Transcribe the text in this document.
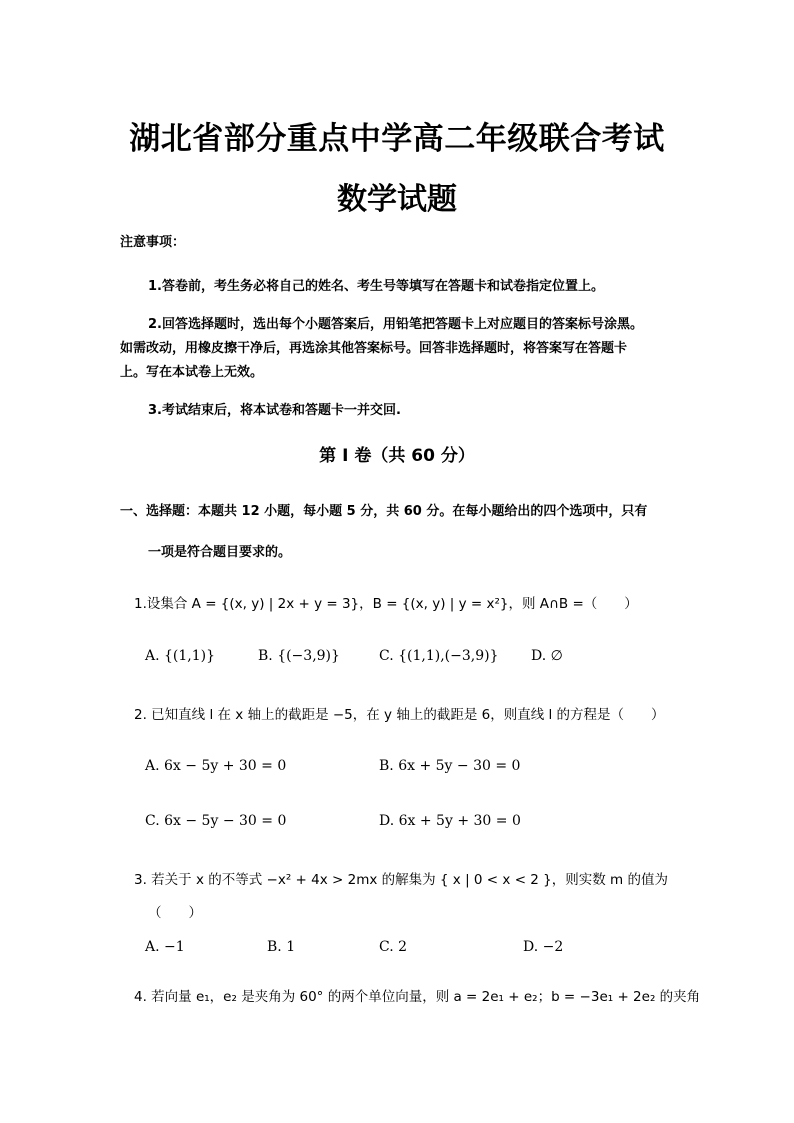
湖北省部分重点中学高二年级联合考试
数学试题
注意事项：
1.答卷前，考生务必将自己的姓名、考生号等填写在答题卡和试卷指定位置上。
2.回答选择题时，选出每个小题答案后，用铅笔把答题卡上对应题目的答案标号涂黑。
如需改动，用橡皮擦干净后，再选涂其他答案标号。回答非选择题时，将答案写在答题卡
上。写在本试卷上无效。
3.考试结束后，将本试卷和答题卡一并交回.
第 I 卷（共 60 分）
一、选择题：本题共 12 小题，每小题 5 分，共 60 分。在每小题给出的四个选项中，只有
一项是符合题目要求的。
1.设集合 A = {(x, y) | 2x + y = 3}，B = {(x, y) | y = x²}，则 A∩B =（　　）
A. {(1,1)}	B. {(−3,9)}	C. {(1,1),(−3,9)} D. ∅
2. 已知直线 l 在 x 轴上的截距是 −5，在 y 轴上的截距是 6，则直线 l 的方程是（　　）
A. 6x − 5y + 30 = 0	B. 6x + 5y − 30 = 0
C. 6x − 5y − 30 = 0	D. 6x + 5y + 30 = 0
3. 若关于 x 的不等式 −x² + 4x > 2mx 的解集为 { x | 0 < x < 2 }，则实数 m 的值为
（　　）
A. −1	B. 1	C. 2	D. −2
4. 若向量 e₁，e₂ 是夹角为 60° 的两个单位向量，则 a = 2e₁ + e₂；b = −3e₁ + 2e₂ 的夹角
